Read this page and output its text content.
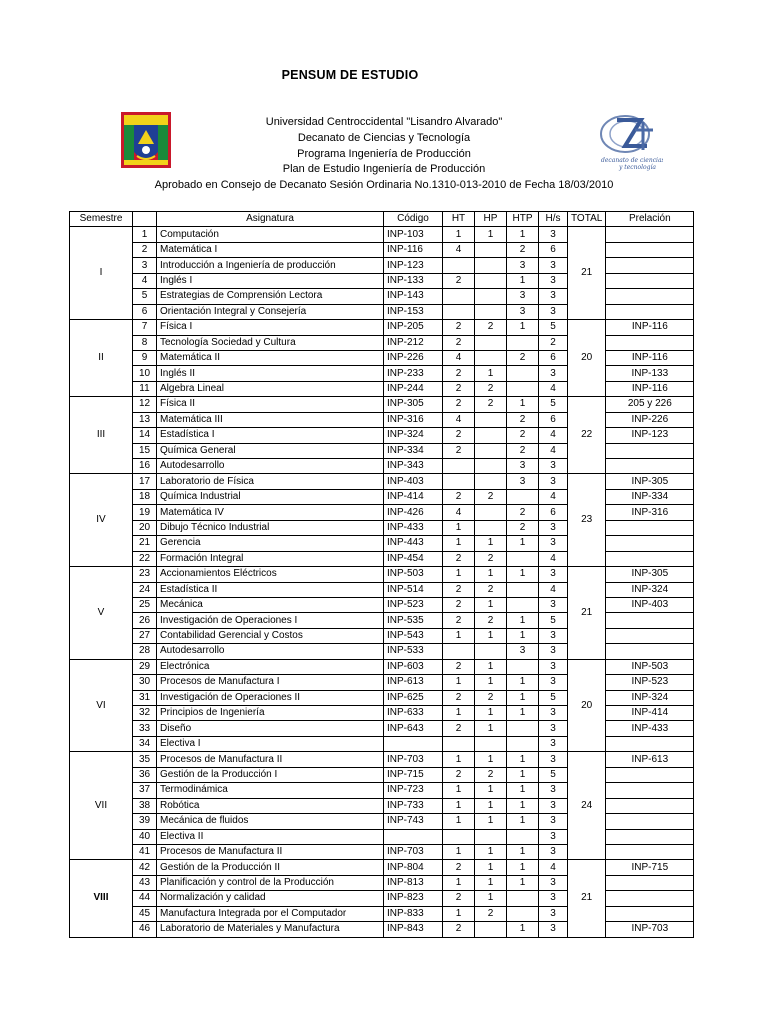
PENSUM DE ESTUDIO
decanato de ciencias
y tecnología
Universidad Centroccidental "Lisandro Alvarado"
Decanato de Ciencias y Tecnología
Programa Ingeniería de Producción
Plan de Estudio Ingeniería de Producción
Aprobado en Consejo de Decanato Sesión Ordinaria No.1310-013-2010 de Fecha 18/03/2010
Semestre		Asignatura	Código	HT	HP	HTP	H/s	TOTAL	Prelación
I	1	Computación	INP-103	1	1	1	3	21	
	2	Matemática I	INP-116	4		2	6		
	3	Introducción a Ingeniería de producción	INP-123			3	3		
	4	Inglés I	INP-133	2		1	3		
	5	Estrategias de Comprensión Lectora	INP-143			3	3		
	6	Orientación Integral y Consejería	INP-153			3	3		
II	7	Física I	INP-205	2	2	1	5	20	INP-116
	8	Tecnología Sociedad y Cultura	INP-212	2			2		
	9	Matemática II	INP-226	4		2	6		INP-116
	10	Inglés II	INP-233	2	1		3		INP-133
	11	Algebra Lineal	INP-244	2	2		4		INP-116
III	12	Física II	INP-305	2	2	1	5	22	205 y 226
	13	Matemática III	INP-316	4		2	6		INP-226
	14	Estadística I	INP-324	2		2	4		INP-123
	15	Química General	INP-334	2		2	4		
	16	Autodesarrollo	INP-343			3	3		
IV	17	Laboratorio de Física	INP-403			3	3	23	INP-305
	18	Química Industrial	INP-414	2	2		4		INP-334
	19	Matemática IV	INP-426	4		2	6		INP-316
	20	Dibujo Técnico Industrial	INP-433	1		2	3		
	21	Gerencia	INP-443	1	1	1	3		
	22	Formación Integral	INP-454	2	2		4		
V	23	Accionamientos Eléctricos	INP-503	1	1	1	3	21	INP-305
	24	Estadística II	INP-514	2	2		4		INP-324
	25	Mecánica	INP-523	2	1		3		INP-403
	26	Investigación de Operaciones I	INP-535	2	2	1	5		
	27	Contabilidad Gerencial y Costos	INP-543	1	1	1	3		
	28	Autodesarrollo	INP-533			3	3		
VI	29	Electrónica	INP-603	2	1		3	20	INP-503
	30	Procesos de Manufactura I	INP-613	1	1	1	3		INP-523
	31	Investigación de Operaciones II	INP-625	2	2	1	5		INP-324
	32	Principios de Ingeniería	INP-633	1	1	1	3		INP-414
	33	Diseño	INP-643	2	1		3		INP-433
	34	Electiva I					3		
VII	35	Procesos de Manufactura II	INP-703	1	1	1	3	24	INP-613
	36	Gestión de la Producción I	INP-715	2	2	1	5		
	37	Termodinámica	INP-723	1	1	1	3		
	38	Robótica	INP-733	1	1	1	3		
	39	Mecánica de fluidos	INP-743	1	1	1	3		
	40	Electiva II					3		
	41	Procesos de Manufactura II	INP-703	1	1	1	3		
VIII	42	Gestión de la Producción II	INP-804	2	1	1	4	21	INP-715
	43	Planificación y control de la Producción	INP-813	1	1	1	3		
	44	Normalización y calidad	INP-823	2	1		3		
	45	Manufactura Integrada por el Computador	INP-833	1	2		3		
	46	Laboratorio de Materiales y Manufactura	INP-843	2		1	3		INP-703
